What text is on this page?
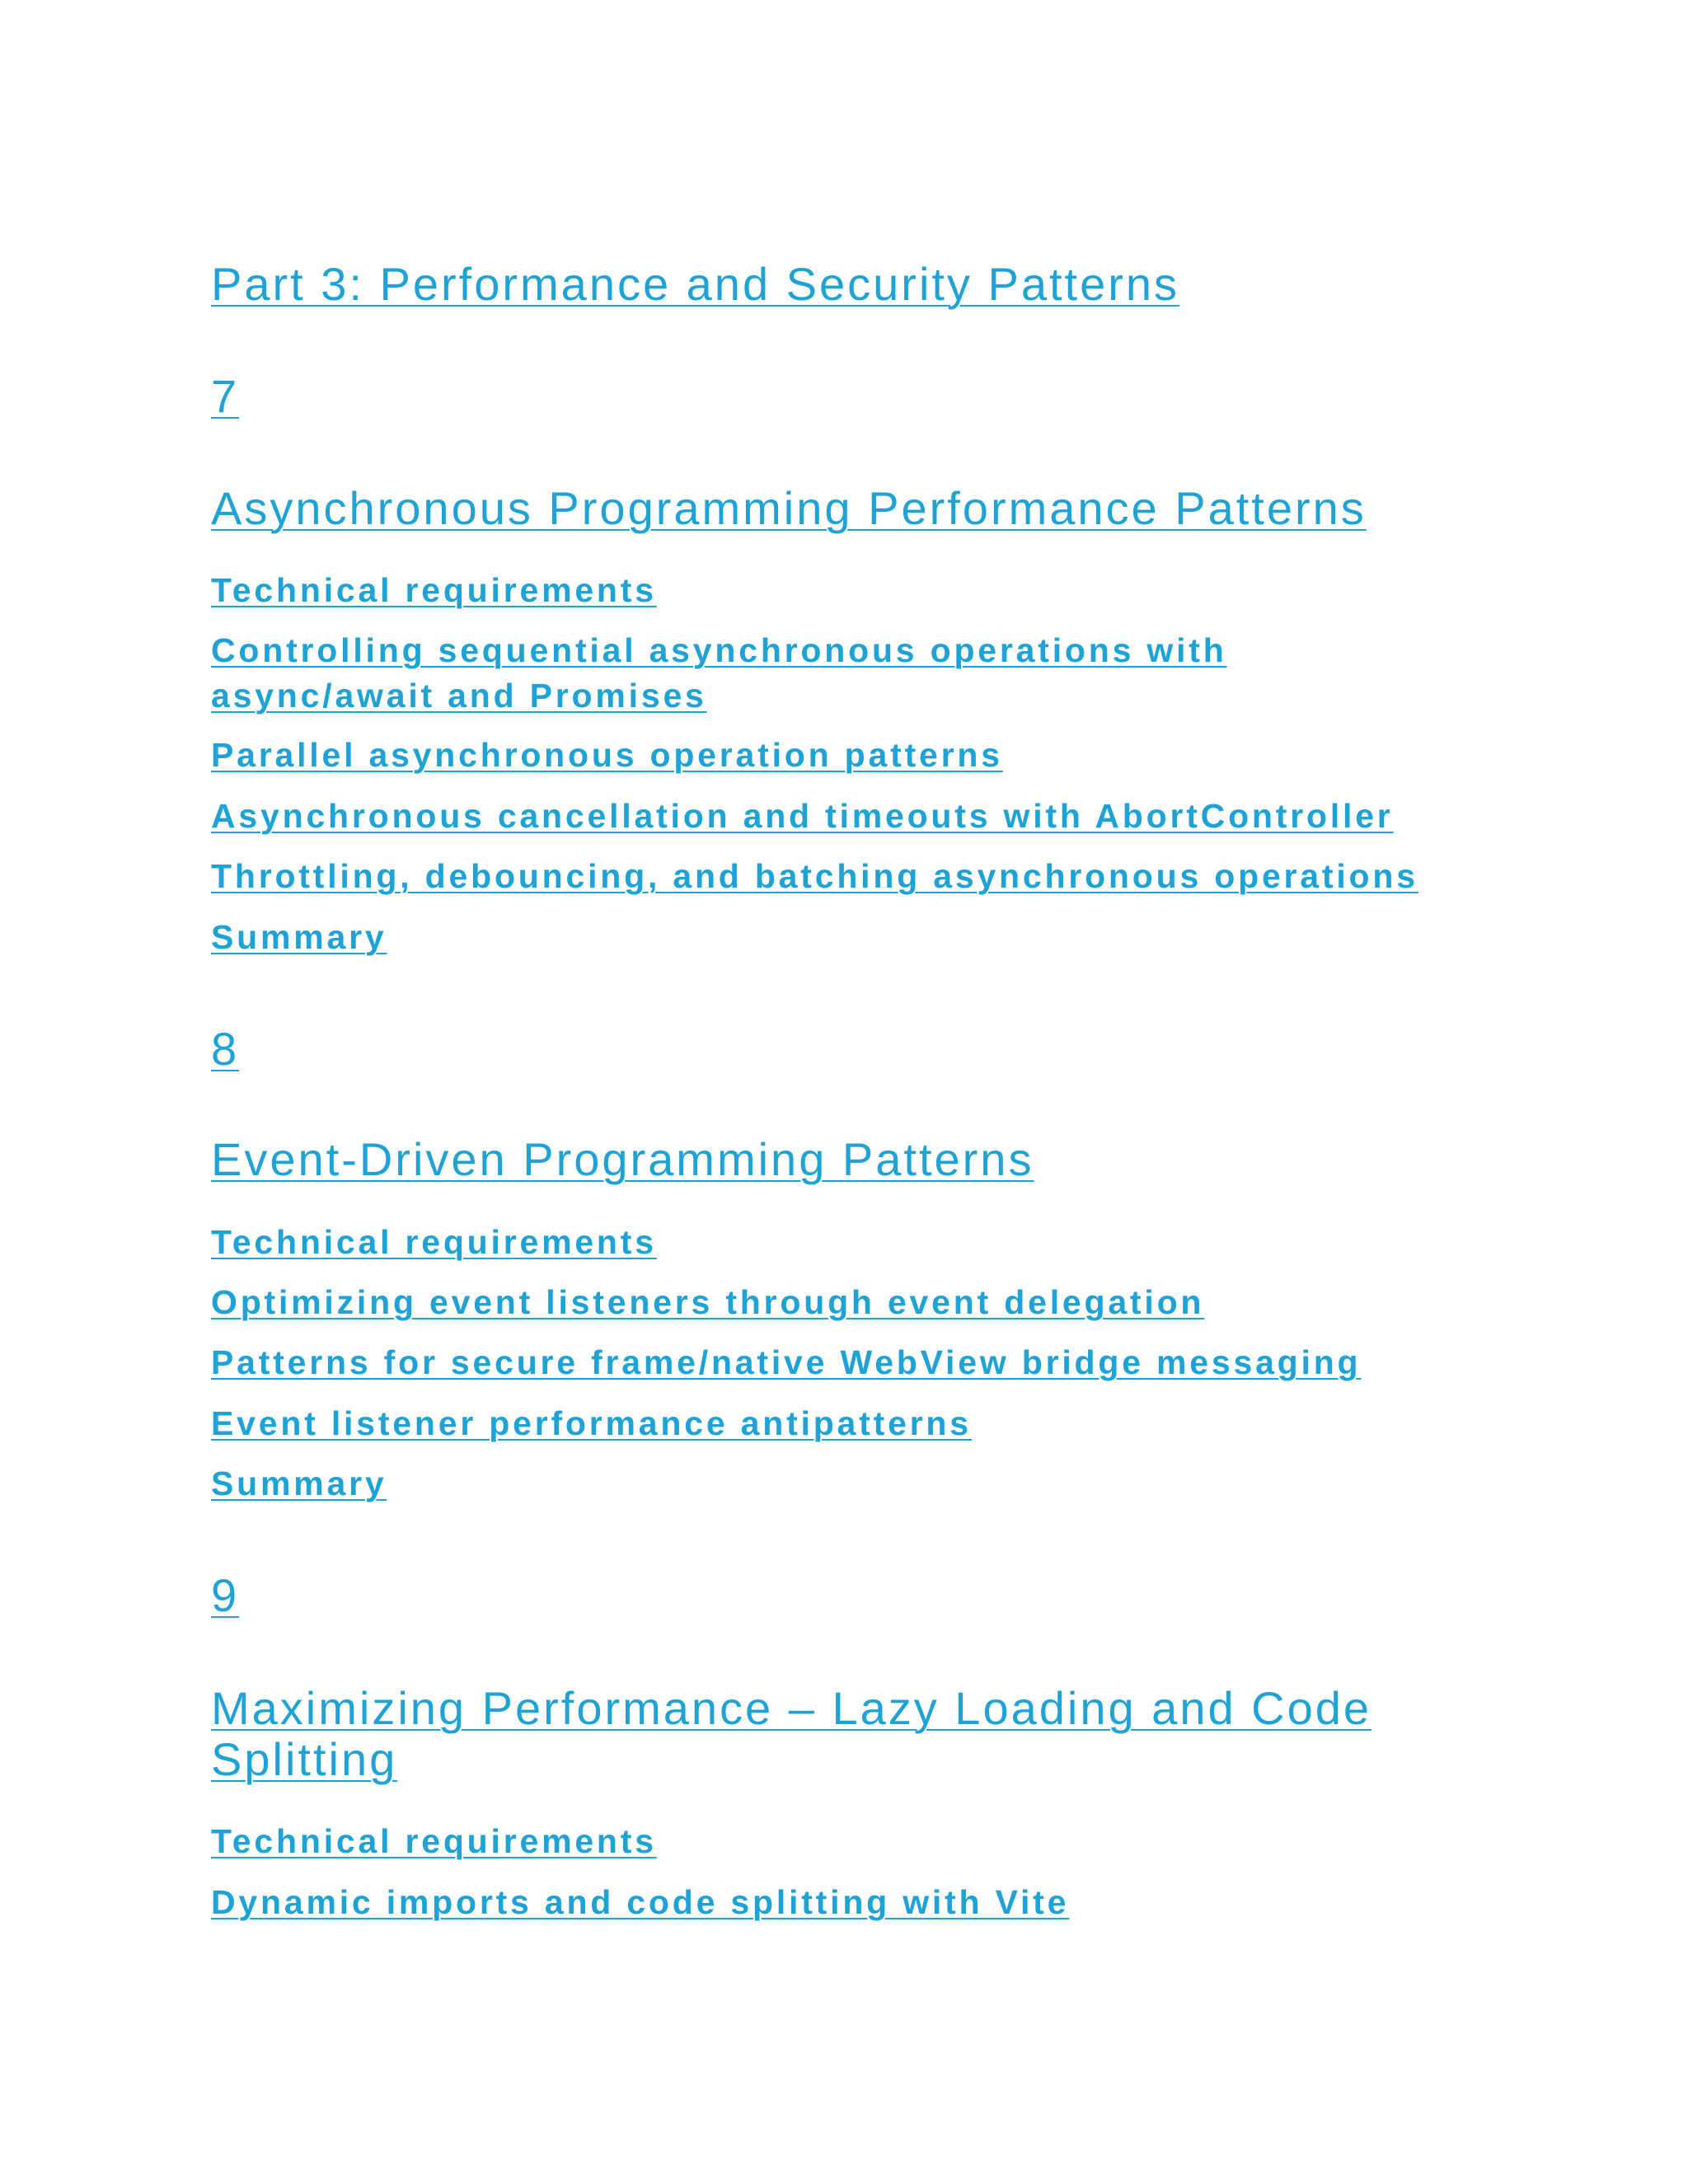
Part 3: Performance and Security Patterns
7
Asynchronous Programming Performance Patterns
Technical requirements
Controlling sequential asynchronous operations with async/await and Promises
Parallel asynchronous operation patterns
Asynchronous cancellation and timeouts with AbortController
Throttling, debouncing, and batching asynchronous operations
Summary
8
Event-Driven Programming Patterns
Technical requirements
Optimizing event listeners through event delegation
Patterns for secure frame/native WebView bridge messaging
Event listener performance antipatterns
Summary
9
Maximizing Performance – Lazy Loading and Code Splitting
Technical requirements
Dynamic imports and code splitting with Vite
